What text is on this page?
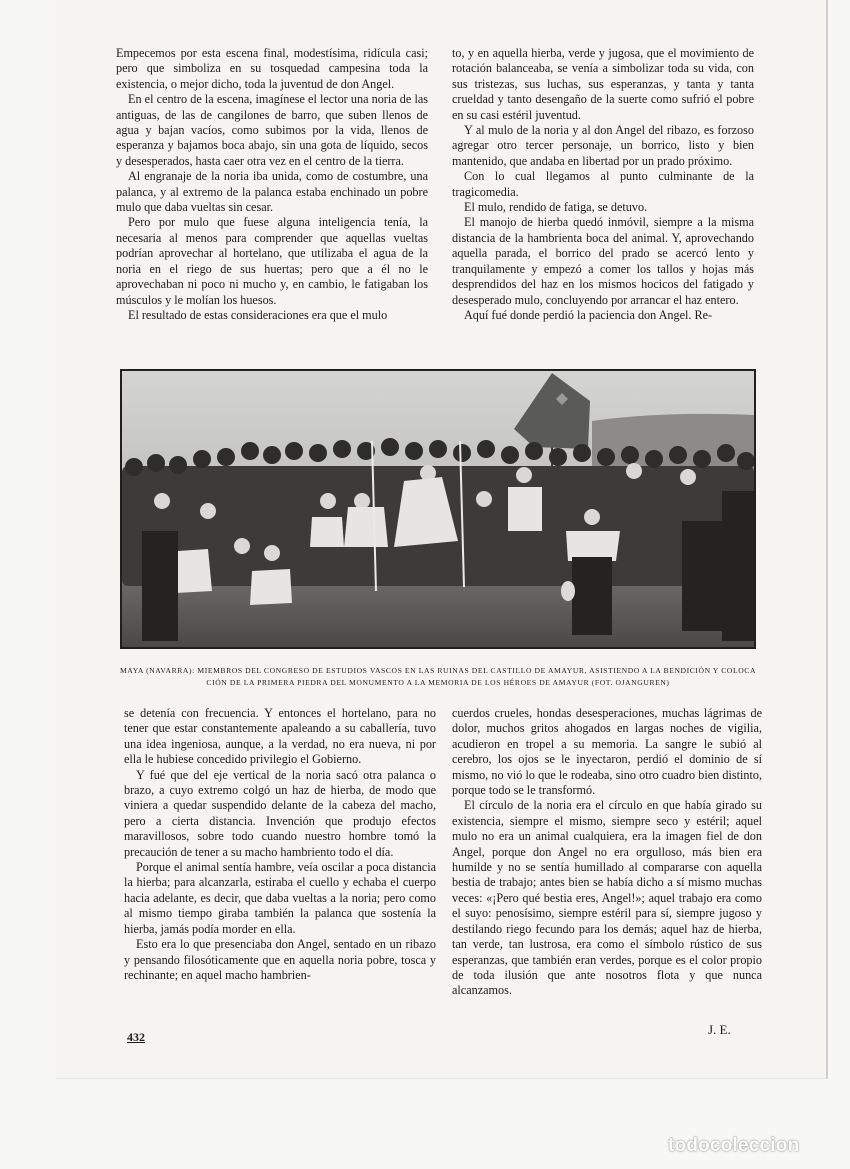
Empecemos por esta escena final, modestísima, ridícula casi; pero que simboliza en su tosquedad campesina toda la existencia, o mejor dicho, toda la juventud de don Angel.

En el centro de la escena, imagínese el lector una noria de las antiguas, de las de cangilones de barro, que suben llenos de agua y bajan vacíos, como subimos por la vida, llenos de esperanza y bajamos boca abajo, sin una gota de líquido, secos y desesperados, hasta caer otra vez en el centro de la tierra.

Al engranaje de la noria iba unida, como de costumbre, una palanca, y al extremo de la palanca estaba enchinado un pobre mulo que daba vueltas sin cesar.

Pero por mulo que fuese alguna inteligencia tenía, la necesaria al menos para comprender que aquellas vueltas podrían aprovechar al hortelano, que utilizaba el agua de la noria en el riego de sus huertas; pero que a él no le aprovechaban ni poco ni mucho y, en cambio, le fatigaban los músculos y le molían los huesos.

El resultado de estas consideraciones era que el mulo

to, y en aquella hierba, verde y jugosa, que el movimiento de rotación balanceaba, se venía a simbolizar toda su vida, con sus tristezas, sus luchas, sus esperanzas, y tanta y tanta crueldad y tanto desengaño de la suerte como sufrió el pobre en su casi estéril juventud.

Y al mulo de la noria y al don Angel del ribazo, es forzoso agregar otro tercer personaje, un borrico, listo y bien mantenido, que andaba en libertad por un prado próximo.

Con lo cual llegamos al punto culminante de la tragicomedia.

El mulo, rendido de fatiga, se detuvo.

El manojo de hierba quedó inmóvil, siempre a la misma distancia de la hambrienta boca del animal. Y, aprovechando aquella parada, el borrico del prado se acercó lento y tranquilamente y empezó a comer los tallos y hojas más desprendidos del haz en los mismos hocicos del fatigado y desesperado mulo, concluyendo por arrancar el haz entero.

Aquí fué donde perdió la paciencia don Angel. Re-

MAYA (NAVARRA): MIEMBROS DEL CONGRESO DE ESTUDIOS VASCOS EN LAS RUINAS DEL CASTILLO DE AMAYUR, ASISTIENDO A LA BENDICIÓN Y COLOCA
CIÓN DE LA PRIMERA PIEDRA DEL MONUMENTO A LA MEMORIA DE LOS HÉROES DE AMAYUR (FOT. OJANGUREN)

se detenía con frecuencia. Y entonces el hortelano, para no tener que estar constantemente apaleando a su caballería, tuvo una idea ingeniosa, aunque, a la verdad, no era nueva, ni por ella le hubiese concedido privilegio el Gobierno.

Y fué que del eje vertical de la noria sacó otra palanca o brazo, a cuyo extremo colgó un haz de hierba, de modo que viniera a quedar suspendido delante de la cabeza del macho, pero a cierta distancia. Invención que produjo efectos maravillosos, sobre todo cuando nuestro hombre tomó la precaución de tener a su macho hambriento todo el día.

Porque el animal sentía hambre, veía oscilar a poca distancia la hierba; para alcanzarla, estiraba el cuello y echaba el cuerpo hacia adelante, es decir, que daba vueltas a la noria; pero como al mismo tiempo giraba también la palanca que sostenía la hierba, jamás podía morder en ella.

Esto era lo que presenciaba don Angel, sentado en un ribazo y pensando filosóticamente que en aquella noria pobre, tosca y rechinante; en aquel macho hambrien-

cuerdos crueles, hondas desesperaciones, muchas lágrimas de dolor, muchos gritos ahogados en largas noches de vigilia, acudieron en tropel a su memoria. La sangre le subió al cerebro, los ojos se le inyectaron, perdió el dominio de sí mismo, no vió lo que le rodeaba, sino otro cuadro bien distinto, porque todo se le transformó.

El círculo de la noria era el círculo en que había girado su existencia, siempre el mismo, siempre seco y estéril; aquel mulo no era un animal cualquiera, era la imagen fiel de don Angel, porque don Angel no era orgulloso, más bien era humilde y no se sentía humillado al compararse con aquella bestia de trabajo; antes bien se había dicho a sí mismo muchas veces: «¡Pero qué bestia eres, Angel!»; aquel trabajo era como el suyo: penosísimo, siempre estéril para sí, siempre jugoso y destilando riego fecundo para los demás; aquel haz de hierba, tan verde, tan lustrosa, era como el símbolo rústico de sus esperanzas, que también eran verdes, porque es el color propio de toda ilusión que ante nosotros flota y que nunca alcanzamos.

J. E.
432
todocoleccion
